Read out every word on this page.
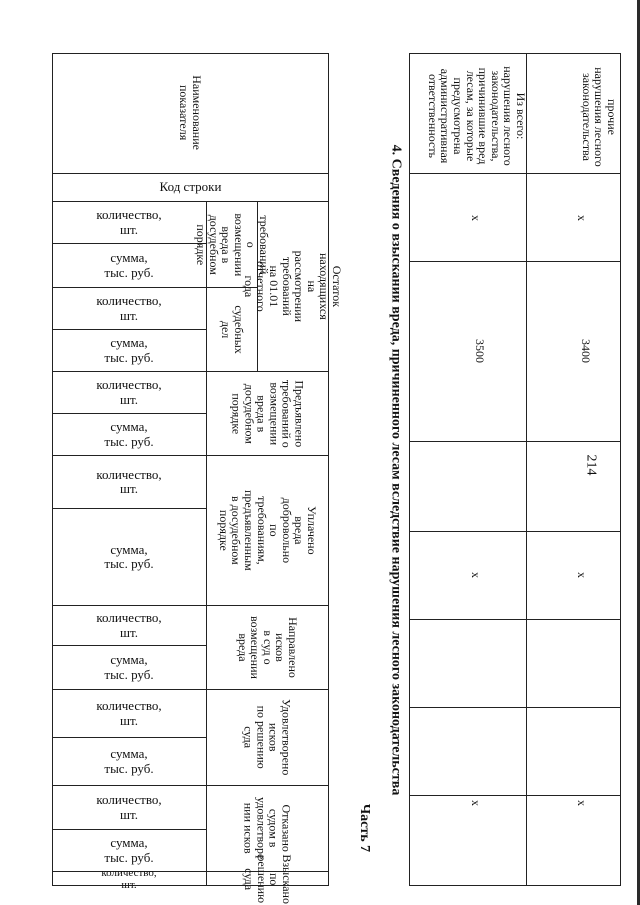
прочие
нарушения лесного
законодательства
Из всего:
нарушения лесного
законодательства,
причинившие вред
лесам, за которые
предусмотрена
административная
ответственность
x
3400
x
x
x
3500
x
x
214
4. Сведения о взыскании вреда, причиненного лесам вследствие нарушения лесного законодательства
Часть 7
Наименование
показателя
Код строки
Остаток находящихся на
рассмотрении требований
на 01.01 отчетного года
требований о
возмещении
вреда в
досудебном
порядке
судебных
дел
Предъявлено
требований о
возмещении
вреда в
досудебном
порядке
Уплачено
вреда
добровольно
по
требованиям,
предъявленным
в досудебном
порядке
Направлено
исков
в суд о
возмещении
вреда
Удовлетворено
исков
по решению
суда
Отказано
судом в
удовлетворе
нии исков
Взыскано
по
решению
суда
количество,
шт.
сумма,
тыс. руб.
количество,
шт.
сумма,
тыс. руб.
количество,
шт.
сумма,
тыс. руб.
количество,
шт.
сумма,
тыс. руб.
количество,
шт.
сумма,
тыс. руб.
количество,
шт.
сумма,
тыс. руб.
количество,
шт.
сумма,
тыс. руб.
количество,
шт.
